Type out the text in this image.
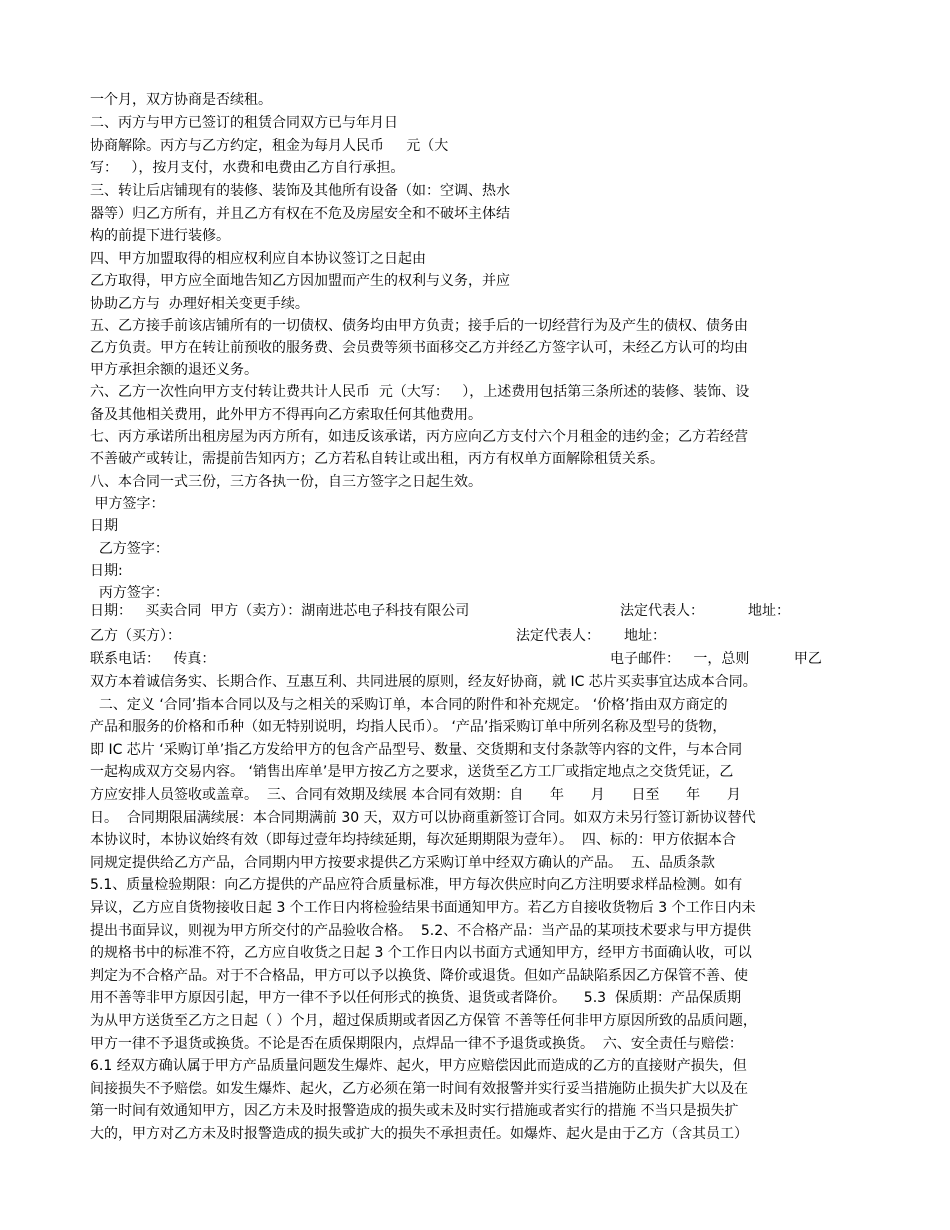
一个月，双方协商是否续租。
二、丙方与甲方已签订的租赁合同双方已与年月日
协商解除。丙方与乙方约定，租金为每月人民币     元（大
写：   ），按月支付，水费和电费由乙方自行承担。
三、转让后店铺现有的装修、装饰及其他所有设备（如：空调、热水
器等）归乙方所有，并且乙方有权在不危及房屋安全和不破坏主体结
构的前提下进行装修。
四、甲方加盟取得的相应权利应自本协议签订之日起由
乙方取得，甲方应全面地告知乙方因加盟而产生的权利与义务，并应
协助乙方与  办理好相关变更手续。
五、乙方接手前该店铺所有的一切债权、债务均由甲方负责；接手后的一切经营行为及产生的债权、债务由
乙方负责。甲方在转让前预收的服务费、会员费等须书面移交乙方并经乙方签字认可，未经乙方认可的均由
甲方承担余额的退还义务。
六、乙方一次性向甲方支付转让费共计人民币  元（大写：   ），上述费用包括第三条所述的装修、装饰、设
备及其他相关费用，此外甲方不得再向乙方索取任何其他费用。
七、丙方承诺所出租房屋为丙方所有，如违反该承诺，丙方应向乙方支付六个月租金的违约金；乙方若经营
不善破产或转让，需提前告知丙方；乙方若私自转让或出租，丙方有权单方面解除租赁关系。
八、本合同一式三份，三方各执一份，自三方签字之日起生效。
甲方签字：
日期
乙方签字：
日期:
丙方签字：
日期：   买卖合同  甲方（卖方）：湖南进芯电子科技有限公司	法定代表人：	地址：
乙方（买方）：	法定代表人： 地址：
联系电话：   传真：	电子邮件：   一，总则          甲乙
双方本着诚信务实、长期合作、互惠互利、共同进展的原则，经友好协商，就 IC 芯片买卖事宜达成本合同。
二、定义 ‘合同’指本合同以及与之相关的采购订单，本合同的附件和补充规定。 ‘价格’指由双方商定的
产品和服务的价格和币种（如无特别说明，均指人民币）。 ‘产品’指采购订单中所列名称及型号的货物，
即 IC 芯片 ‘采购订单’指乙方发给甲方的包含产品型号、数量、交货期和支付条款等内容的文件，与本合同
一起构成双方交易内容。 ‘销售出库单’是甲方按乙方之要求，送货至乙方工厂或指定地点之交货凭证，乙
方应安排人员签收或盖章。  三、合同有效期及续展 本合同有效期：自      年      月      日至      年      月
日。  合同期限届满续展：本合同期满前 30 天，双方可以协商重新签订合同。如双方未另行签订新协议替代
本协议时，本协议始终有效（即每过壹年均持续延期，每次延期期限为壹年）。  四、标的：甲方依据本合
同规定提供给乙方产品，合同期内甲方按要求提供乙方采购订单中经双方确认的产品。  五、品质条款
5.1、质量检验期限：向乙方提供的产品应符合质量标准，甲方每次供应时向乙方注明要求样品检测。如有
异议，乙方应自货物接收日起 3 个工作日内将检验结果书面通知甲方。若乙方自接收货物后 3 个工作日内未
提出书面异议，则视为甲方所交付的产品验收合格。  5.2、不合格产品：当产品的某项技术要求与甲方提供
的规格书中的标准不符，乙方应自收货之日起 3 个工作日内以书面方式通知甲方，经甲方书面确认收，可以
判定为不合格产品。对于不合格品，甲方可以予以换货、降价或退货。但如产品缺陷系因乙方保管不善、使
用不善等非甲方原因引起，甲方一律不予以任何形式的换货、退货或者降价。    5.3  保质期：产品保质期
为从甲方送货至乙方之日起（ ）个月，超过保质期或者因乙方保管 不善等任何非甲方原因所致的品质问题，
甲方一律不予退货或换货。不论是否在质保期限内，点焊品一律不予退货或换货。  六、安全责任与赔偿：
6.1 经双方确认属于甲方产品质量问题发生爆炸、起火，甲方应赔偿因此而造成的乙方的直接财产损失，但
间接损失不予赔偿。如发生爆炸、起火，乙方必须在第一时间有效报警并实行妥当措施防止损失扩大以及在
第一时间有效通知甲方，因乙方未及时报警造成的损失或未及时实行措施或者实行的措施 不当只是损失扩
大的，甲方对乙方未及时报警造成的损失或扩大的损失不承担责任。如爆炸、起火是由于乙方（含其员工）
